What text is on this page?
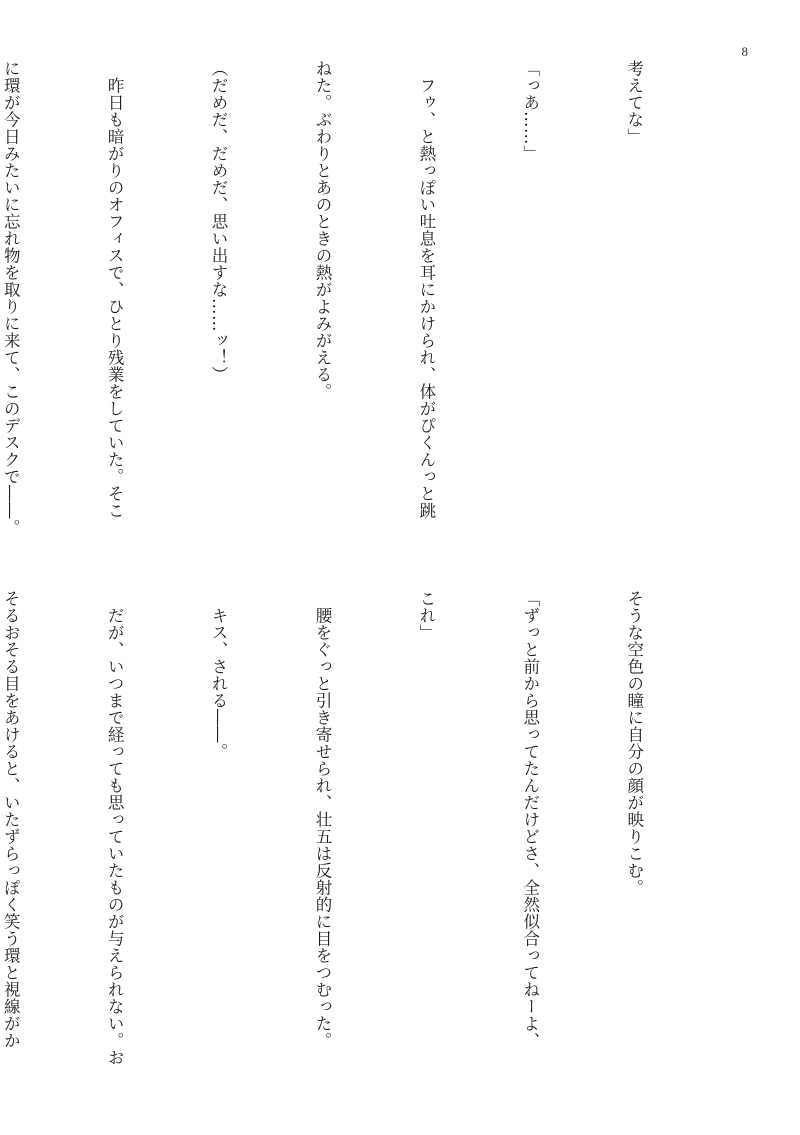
8

考えてな」

「っあ……」

　フゥ、と熱っぽい吐息を耳にかけられ、体がぴくんっと跳

ねた。ぶわりとあのときの熱がよみがえる。

（だめだ、だめだ、思い出すな……ッ！）

　昨日も暗がりのオフィスで、ひとり残業をしていた。そこ

に環が今日みたいに忘れ物を取りに来て、このデスクで――。

そうな空色の瞳に自分の顔が映りこむ。

「ずっと前から思ってたんだけどさ、全然似合ってねーよ、

これ」

　腰をぐっと引き寄せられ、壮五は反射的に目をつむった。

　キス、される――。

　だが、いつまで経っても思っていたものが与えられない。お

そるおそる目をあけると、いたずらっぽく笑う環と視線がか
